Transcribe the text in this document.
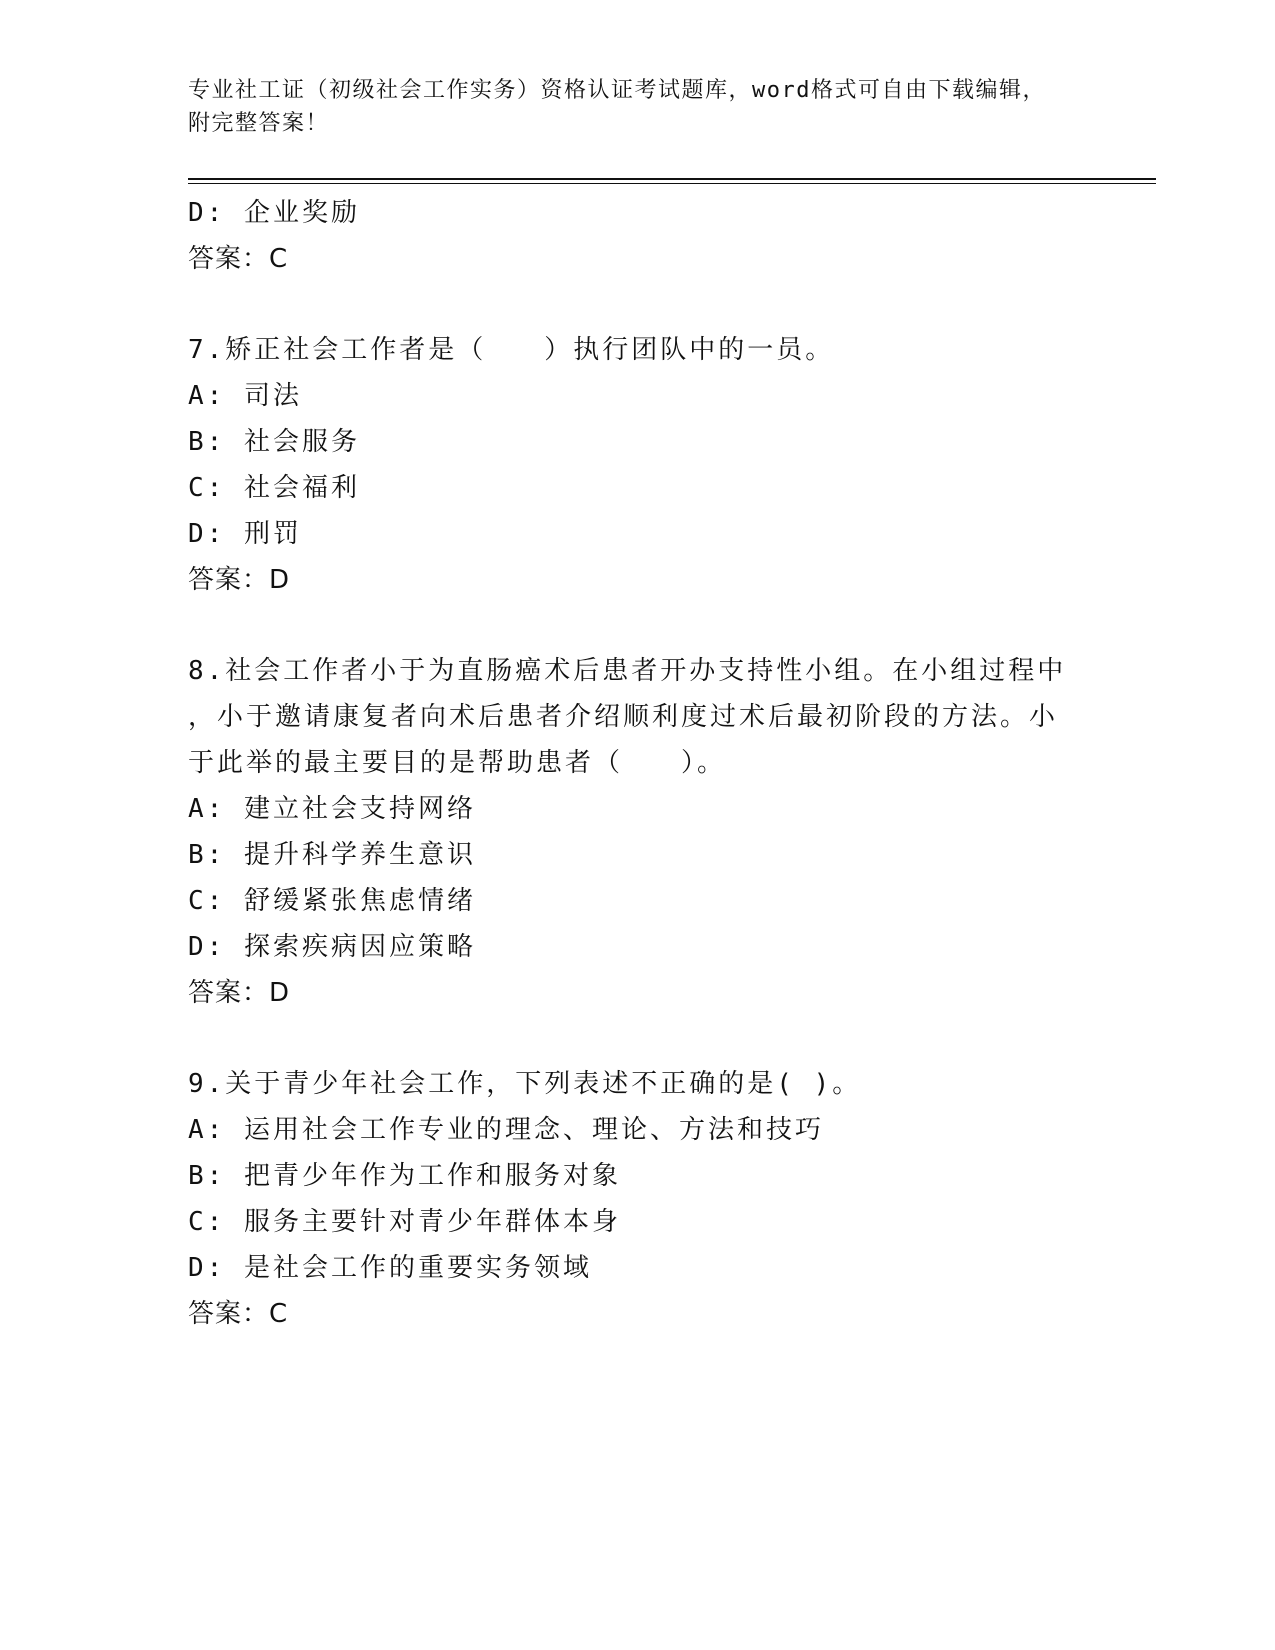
专业社工证（初级社会工作实务）资格认证考试题库，word格式可自由下载编辑，附完整答案！
D: 企业奖励
答案：C
7.矫正社会工作者是（　　）执行团队中的一员。
A: 司法
B: 社会服务
C: 社会福利
D: 刑罚
答案：D
8.社会工作者小于为直肠癌术后患者开办支持性小组。在小组过程中
，小于邀请康复者向术后患者介绍顺利度过术后最初阶段的方法。小
于此举的最主要目的是帮助患者（　　）。
A: 建立社会支持网络
B: 提升科学养生意识
C: 舒缓紧张焦虑情绪
D: 探索疾病因应策略
答案：D
9.关于青少年社会工作，下列表述不正确的是( )。
A: 运用社会工作专业的理念、理论、方法和技巧
B: 把青少年作为工作和服务对象
C: 服务主要针对青少年群体本身
D: 是社会工作的重要实务领域
答案：C
